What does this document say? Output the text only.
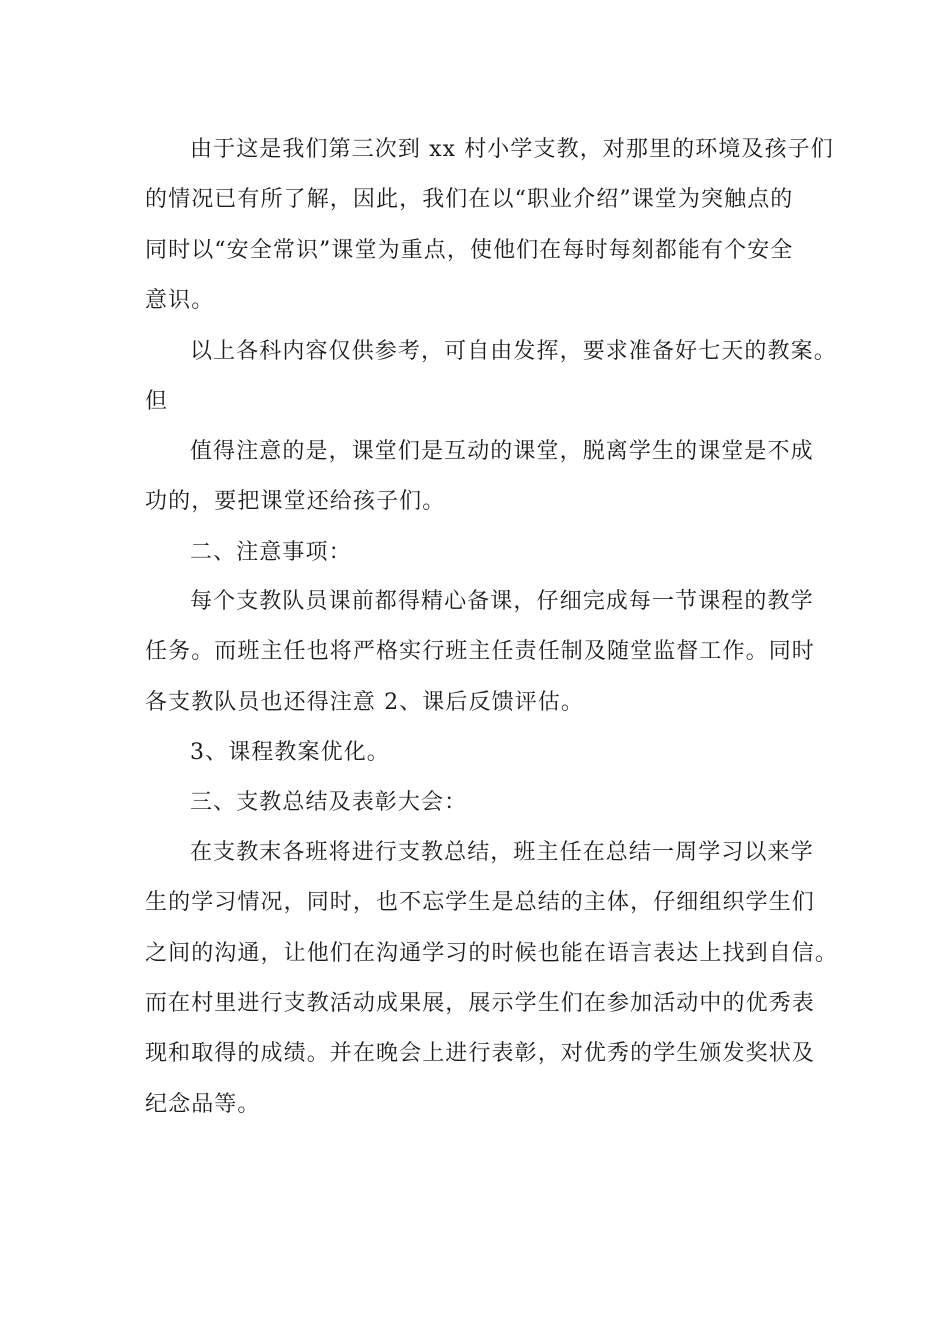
由于这是我们第三次到 xx 村小学支教，对那里的环境及孩子们
的情况已有所了解，因此，我们在以“职业介绍”课堂为突触点的
同时以“安全常识”课堂为重点，使他们在每时每刻都能有个安全
意识。
以上各科内容仅供参考，可自由发挥，要求准备好七天的教案。
但
值得注意的是，课堂们是互动的课堂，脱离学生的课堂是不成
功的，要把课堂还给孩子们。
二、注意事项：
每个支教队员课前都得精心备课，仔细完成每一节课程的教学
任务。而班主任也将严格实行班主任责任制及随堂监督工作。同时
各支教队员也还得注意 2、课后反馈评估。
3、课程教案优化。
三、支教总结及表彰大会：
在支教末各班将进行支教总结，班主任在总结一周学习以来学
生的学习情况，同时，也不忘学生是总结的主体，仔细组织学生们
之间的沟通，让他们在沟通学习的时候也能在语言表达上找到自信。
而在村里进行支教活动成果展，展示学生们在参加活动中的优秀表
现和取得的成绩。并在晚会上进行表彰，对优秀的学生颁发奖状及
纪念品等。
